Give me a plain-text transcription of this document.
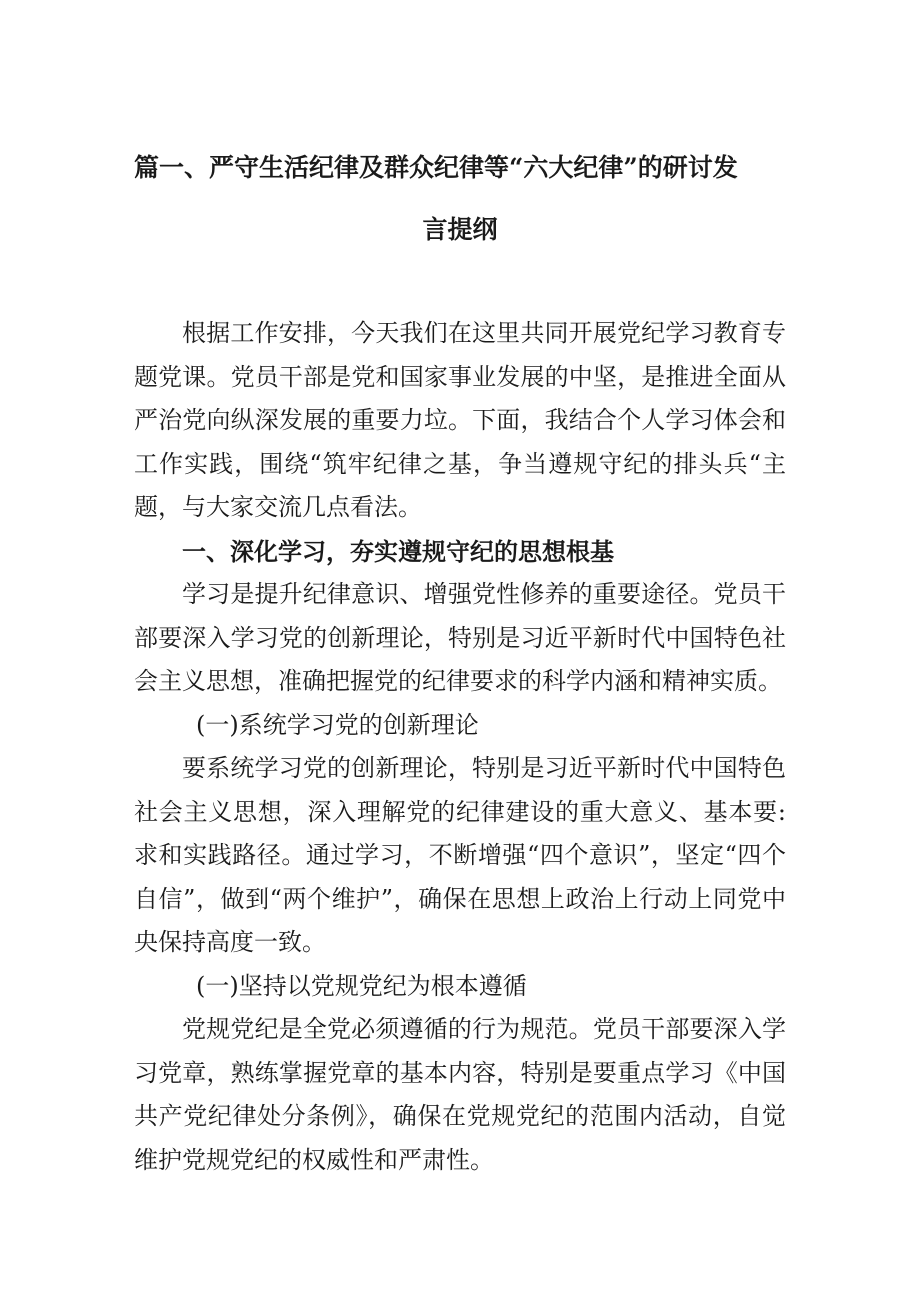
篇一、严守生活纪律及群众纪律等“六大纪律”的研讨发
言提纲

根据工作安排，今天我们在这里共同开展党纪学习教育专题党课。党员干部是党和国家事业发展的中坚，是推进全面从严治党向纵深发展的重要力垃。下面，我结合个人学习体会和工作实践，围绕“筑牢纪律之基，争当遵规守纪的排头兵“主题，与大家交流几点看法。

一、深化学习，夯实遵规守纪的思想根基

学习是提升纪律意识、增强党性修养的重要途径。党员干部要深入学习党的创新理论，特别是习近平新时代中国特色社会主义思想，准确把握党的纪律要求的科学内涵和精神实质。

(一)系统学习党的创新理论

要系统学习党的创新理论，特别是习近平新时代中国特色社会主义思想，深入理解党的纪律建设的重大意义、基本要:求和实践路径。通过学习，不断增强“四个意识”，坚定“四个自信”，做到“两个维护”，确保在思想上政治上行动上同党中央保持高度一致。

(一)坚持以党规党纪为根本遵循

党规党纪是全党必须遵循的行为规范。党员干部要深入学习党章，熟练掌握党章的基本内容，特别是要重点学习《中国共产党纪律处分条例》，确保在党规党纪的范围内活动，自觉维护党规党纪的权威性和严肃性。
